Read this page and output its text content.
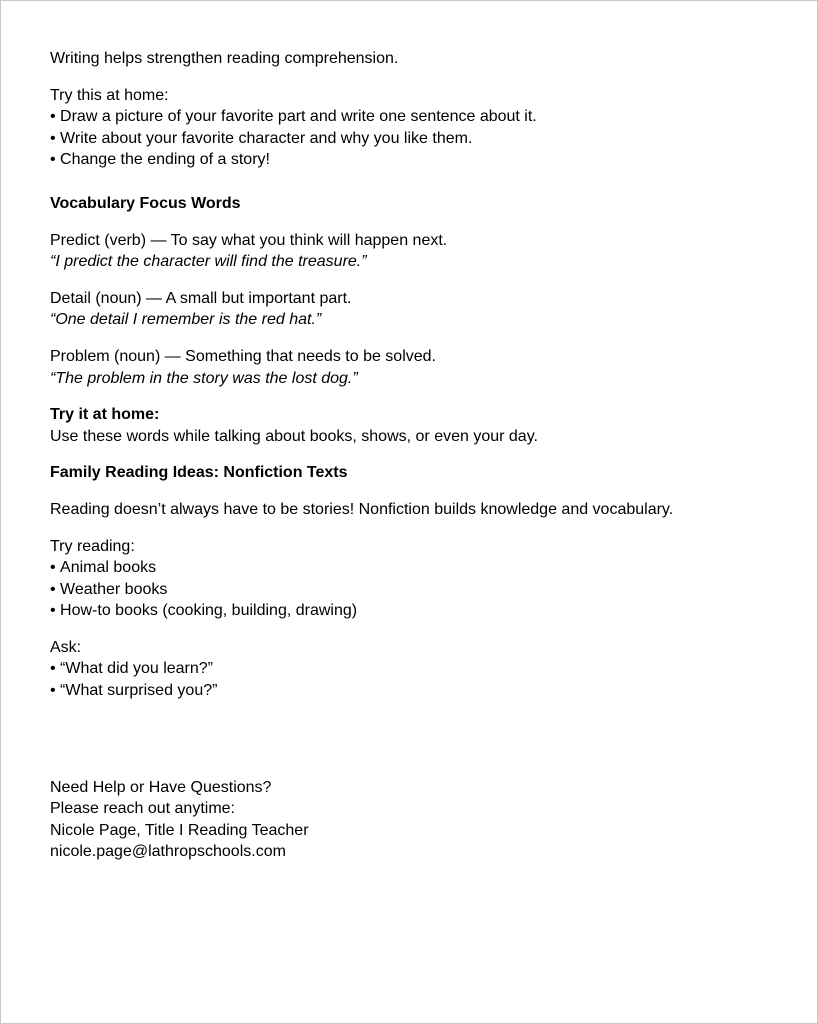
Writing helps strengthen reading comprehension.

Try this at home:

• Draw a picture of your favorite part and write one sentence about it.

• Write about your favorite character and why you like them.

• Change the ending of a story!

Vocabulary Focus Words

Predict (verb) — To say what you think will happen next.

“I predict the character will find the treasure.”

Detail (noun) — A small but important part.

“One detail I remember is the red hat.”

Problem (noun) — Something that needs to be solved.

“The problem in the story was the lost dog.”

Try it at home:

Use these words while talking about books, shows, or even your day.

Family Reading Ideas: Nonfiction Texts

Reading doesn’t always have to be stories! Nonfiction builds knowledge and vocabulary.

Try reading:

• Animal books

• Weather books

• How-to books (cooking, building, drawing)

Ask:

• “What did you learn?”

• “What surprised you?”

Need Help or Have Questions?

Please reach out anytime:

Nicole Page, Title I Reading Teacher

nicole.page@lathropschools.com
